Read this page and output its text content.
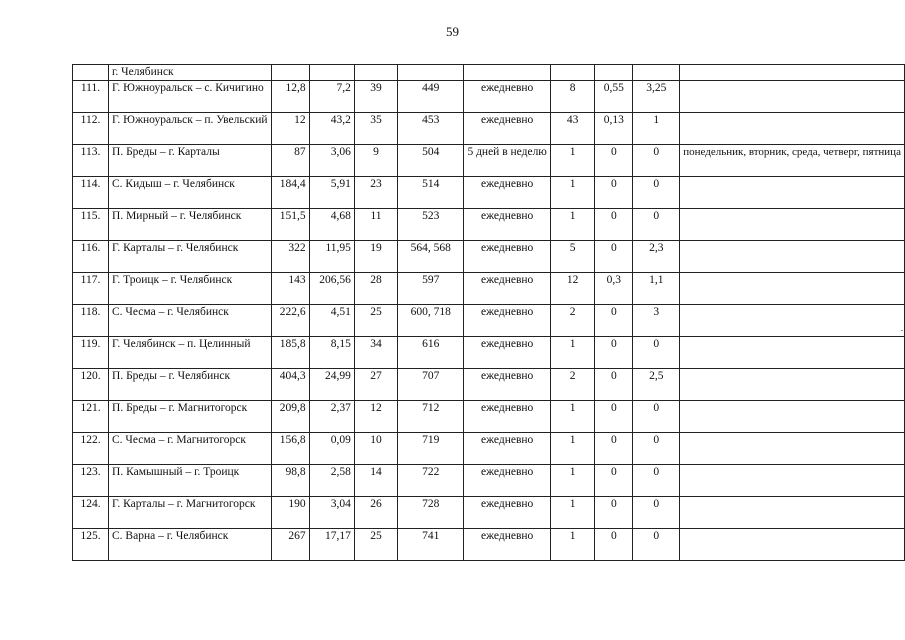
59
	г. Челябинск									
111.	Г. Южноуральск – с. Кичигино	12,8	7,2	39	449	ежедневно	8	0,55	3,25	
112.	Г. Южноуральск – п. Увельский	12	43,2	35	453	ежедневно	43	0,13	1	
113.	П. Бреды – г. Карталы	87	3,06	9	504	5 дней в неделю	1	0	0	понедельник, вторник, среда, четверг, пятница
114.	С. Кидыш – г. Челябинск	184,4	5,91	23	514	ежедневно	1	0	0	
115.	П. Мирный – г. Челябинск	151,5	4,68	11	523	ежедневно	1	0	0	
116.	Г. Карталы – г. Челябинск	322	11,95	19	564, 568	ежедневно	5	0	2,3	
117.	Г. Троицк – г. Челябинск	143	206,56	28	597	ежедневно	12	0,3	1,1	
118.	С. Чесма – г. Челябинск	222,6	4,51	25	600, 718	ежедневно	2	0	3	
119.	Г. Челябинск – п. Целинный	185,8	8,15	34	616	ежедневно	1	0	0	
120.	П. Бреды – г. Челябинск	404,3	24,99	27	707	ежедневно	2	0	2,5	
121.	П. Бреды – г. Магнитогорск	209,8	2,37	12	712	ежедневно	1	0	0	
122.	С. Чесма – г. Магнитогорск	156,8	0,09	10	719	ежедневно	1	0	0	
123.	П. Камышный – г. Троицк	98,8	2,58	14	722	ежедневно	1	0	0	
124.	Г. Карталы – г. Магнитогорск	190	3,04	26	728	ежедневно	1	0	0	
125.	С. Варна – г. Челябинск	267	17,17	25	741	ежедневно	1	0	0	
